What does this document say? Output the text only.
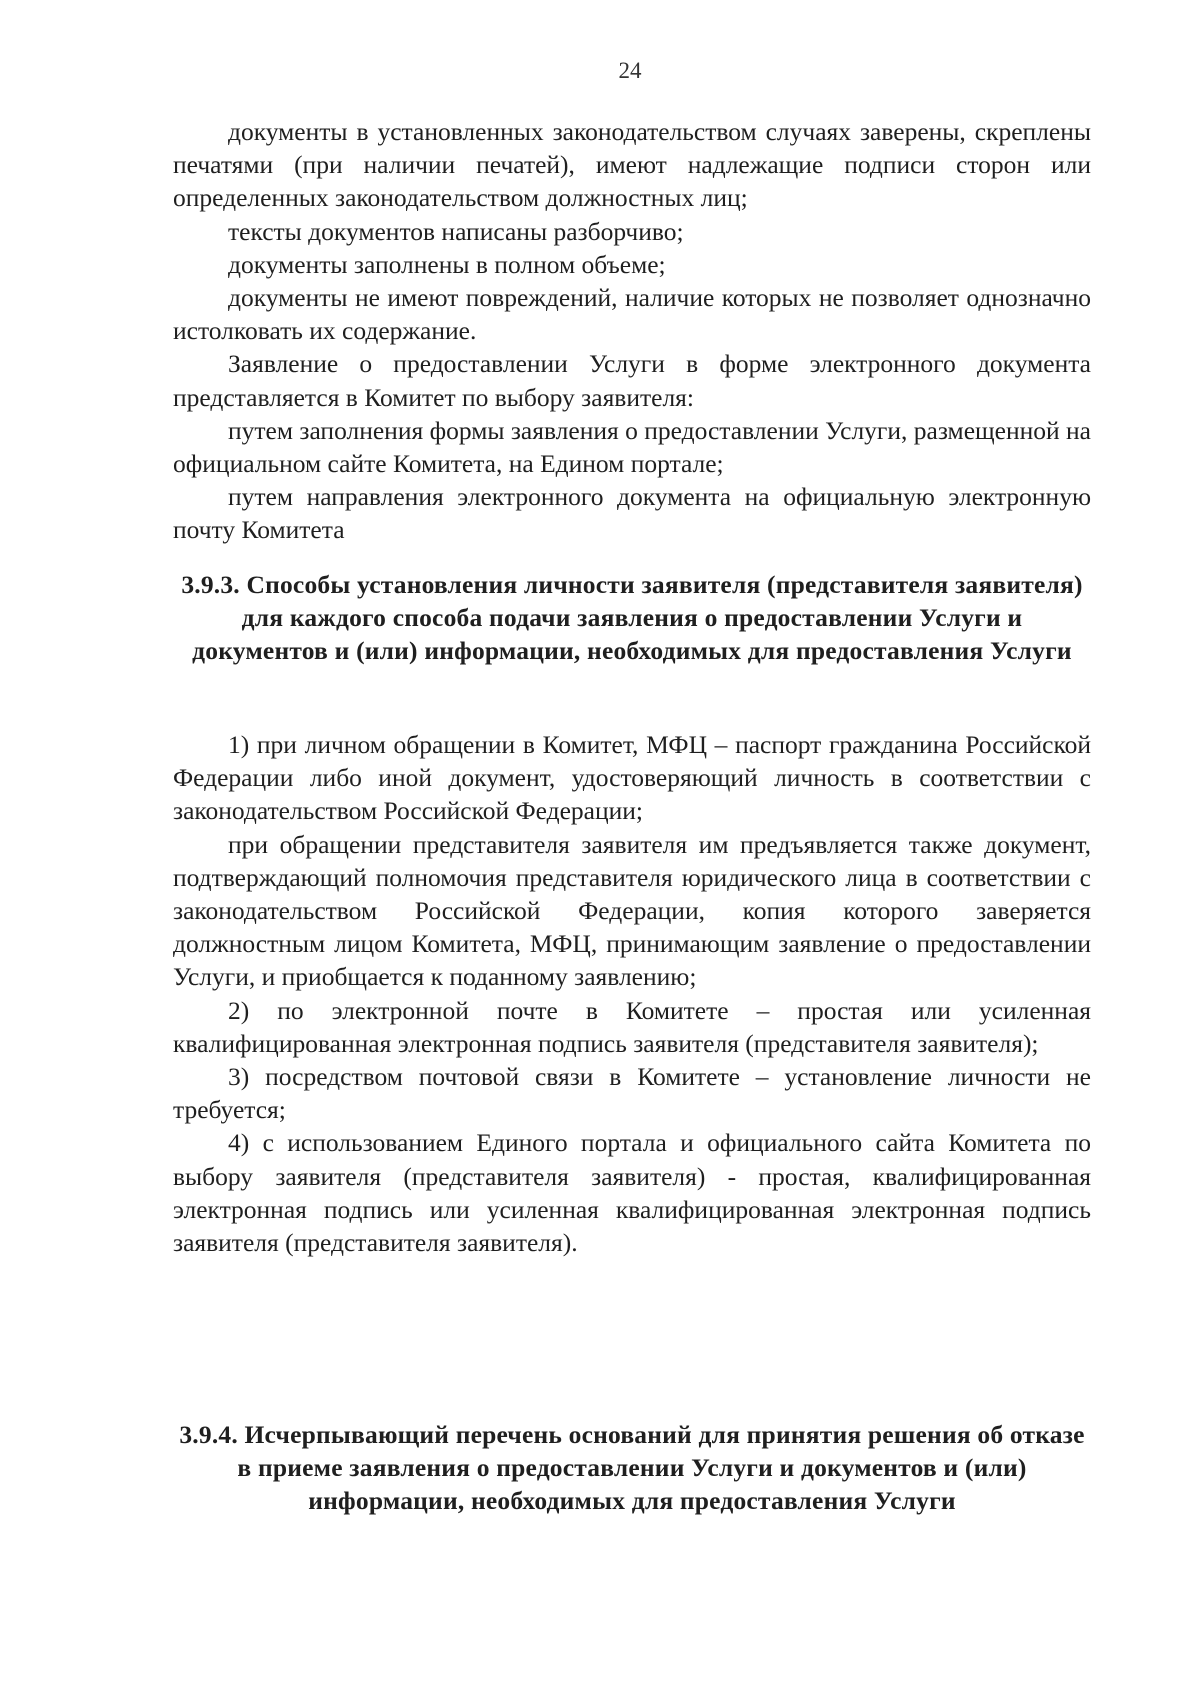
24

документы в установленных законодательством случаях заверены, скреплены печатями (при наличии печатей), имеют надлежащие подписи сторон или определенных законодательством должностных лиц;

тексты документов написаны разборчиво;

документы заполнены в полном объеме;

документы не имеют повреждений, наличие которых не позволяет однозначно истолковать их содержание.

Заявление о предоставлении Услуги в форме электронного документа представляется в Комитет по выбору заявителя:

путем заполнения формы заявления о предоставлении Услуги, размещенной на официальном сайте Комитета, на Едином портале;

путем направления электронного документа на официальную электронную почту Комитета

3.9.3. Способы установления личности заявителя (представителя заявителя) для каждого способа подачи заявления о предоставлении Услуги и документов и (или) информации, необходимых для предоставления Услуги

1) при личном обращении в Комитет, МФЦ – паспорт гражданина Российской Федерации либо иной документ, удостоверяющий личность в соответствии с законодательством Российской Федерации;

при обращении представителя заявителя им предъявляется также документ, подтверждающий полномочия представителя юридического лица в соответствии с законодательством Российской Федерации, копия которого заверяется должностным лицом Комитета, МФЦ, принимающим заявление о предоставлении Услуги, и приобщается к поданному заявлению;

2) по электронной почте в Комитете – простая или усиленная квалифицированная электронная подпись заявителя (представителя заявителя);

3) посредством почтовой связи в Комитете – установление личности не требуется;

4) с использованием Единого портала и официального сайта Комитета по выбору заявителя (представителя заявителя) - простая, квалифицированная электронная подпись или усиленная квалифицированная электронная подпись заявителя (представителя заявителя).

3.9.4. Исчерпывающий перечень оснований для принятия решения об отказе в приеме заявления о предоставлении Услуги и документов и (или) информации, необходимых для предоставления Услуги
